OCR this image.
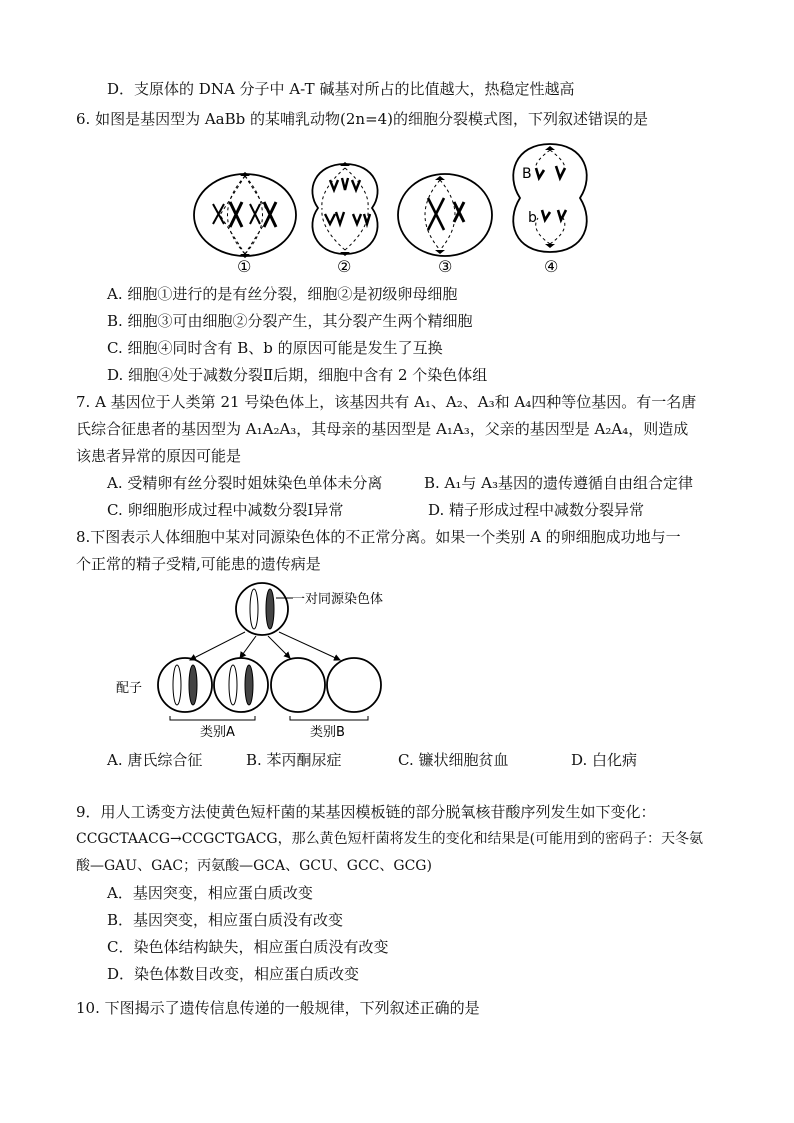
D．支原体的 DNA 分子中 A-T 碱基对所占的比值越大，热稳定性越高
6. 如图是基因型为 AaBb 的某哺乳动物(2n=4)的细胞分裂模式图，下列叙述错误的是
B
b
①	②	③	④
A. 细胞①进行的是有丝分裂，细胞②是初级卵母细胞
B. 细胞③可由细胞②分裂产生，其分裂产生两个精细胞
C. 细胞④同时含有 B、b 的原因可能是发生了互换
D. 细胞④处于减数分裂Ⅱ后期，细胞中含有 2 个染色体组
7. A 基因位于人类第 21 号染色体上，该基因共有 A₁、A₂、A₃和 A₄四种等位基因。有一名唐
氏综合征患者的基因型为 A₁A₂A₃，其母亲的基因型是 A₁A₃，父亲的基因型是 A₂A₄，则造成
该患者异常的原因可能是
A. 受精卵有丝分裂时姐妹染色单体未分离	B. A₁与 A₃基因的遗传遵循自由组合定律
C. 卵细胞形成过程中减数分裂Ⅰ异常	D. 精子形成过程中减数分裂异常
8.下图表示人体细胞中某对同源染色体的不正常分离。如果一个类别 A 的卵细胞成功地与一
个正常的精子受精,可能患的遗传病是
一对同源染色体
配子
类别A	类别B
A. 唐氏综合征	B. 苯丙酮尿症	C. 镰状细胞贫血	D. 白化病
9．用人工诱变方法使黄色短杆菌的某基因模板链的部分脱氧核苷酸序列发生如下变化：
CCGCTAACG→CCGCTGACG，那么黄色短杆菌将发生的变化和结果是(可能用到的密码子：天冬氨
酸—GAU、GAC；丙氨酸—GCA、GCU、GCC、GCG)
A．基因突变，相应蛋白质改变
B．基因突变，相应蛋白质没有改变
C．染色体结构缺失，相应蛋白质没有改变
D．染色体数目改变，相应蛋白质改变
10. 下图揭示了遗传信息传递的一般规律，下列叙述正确的是
